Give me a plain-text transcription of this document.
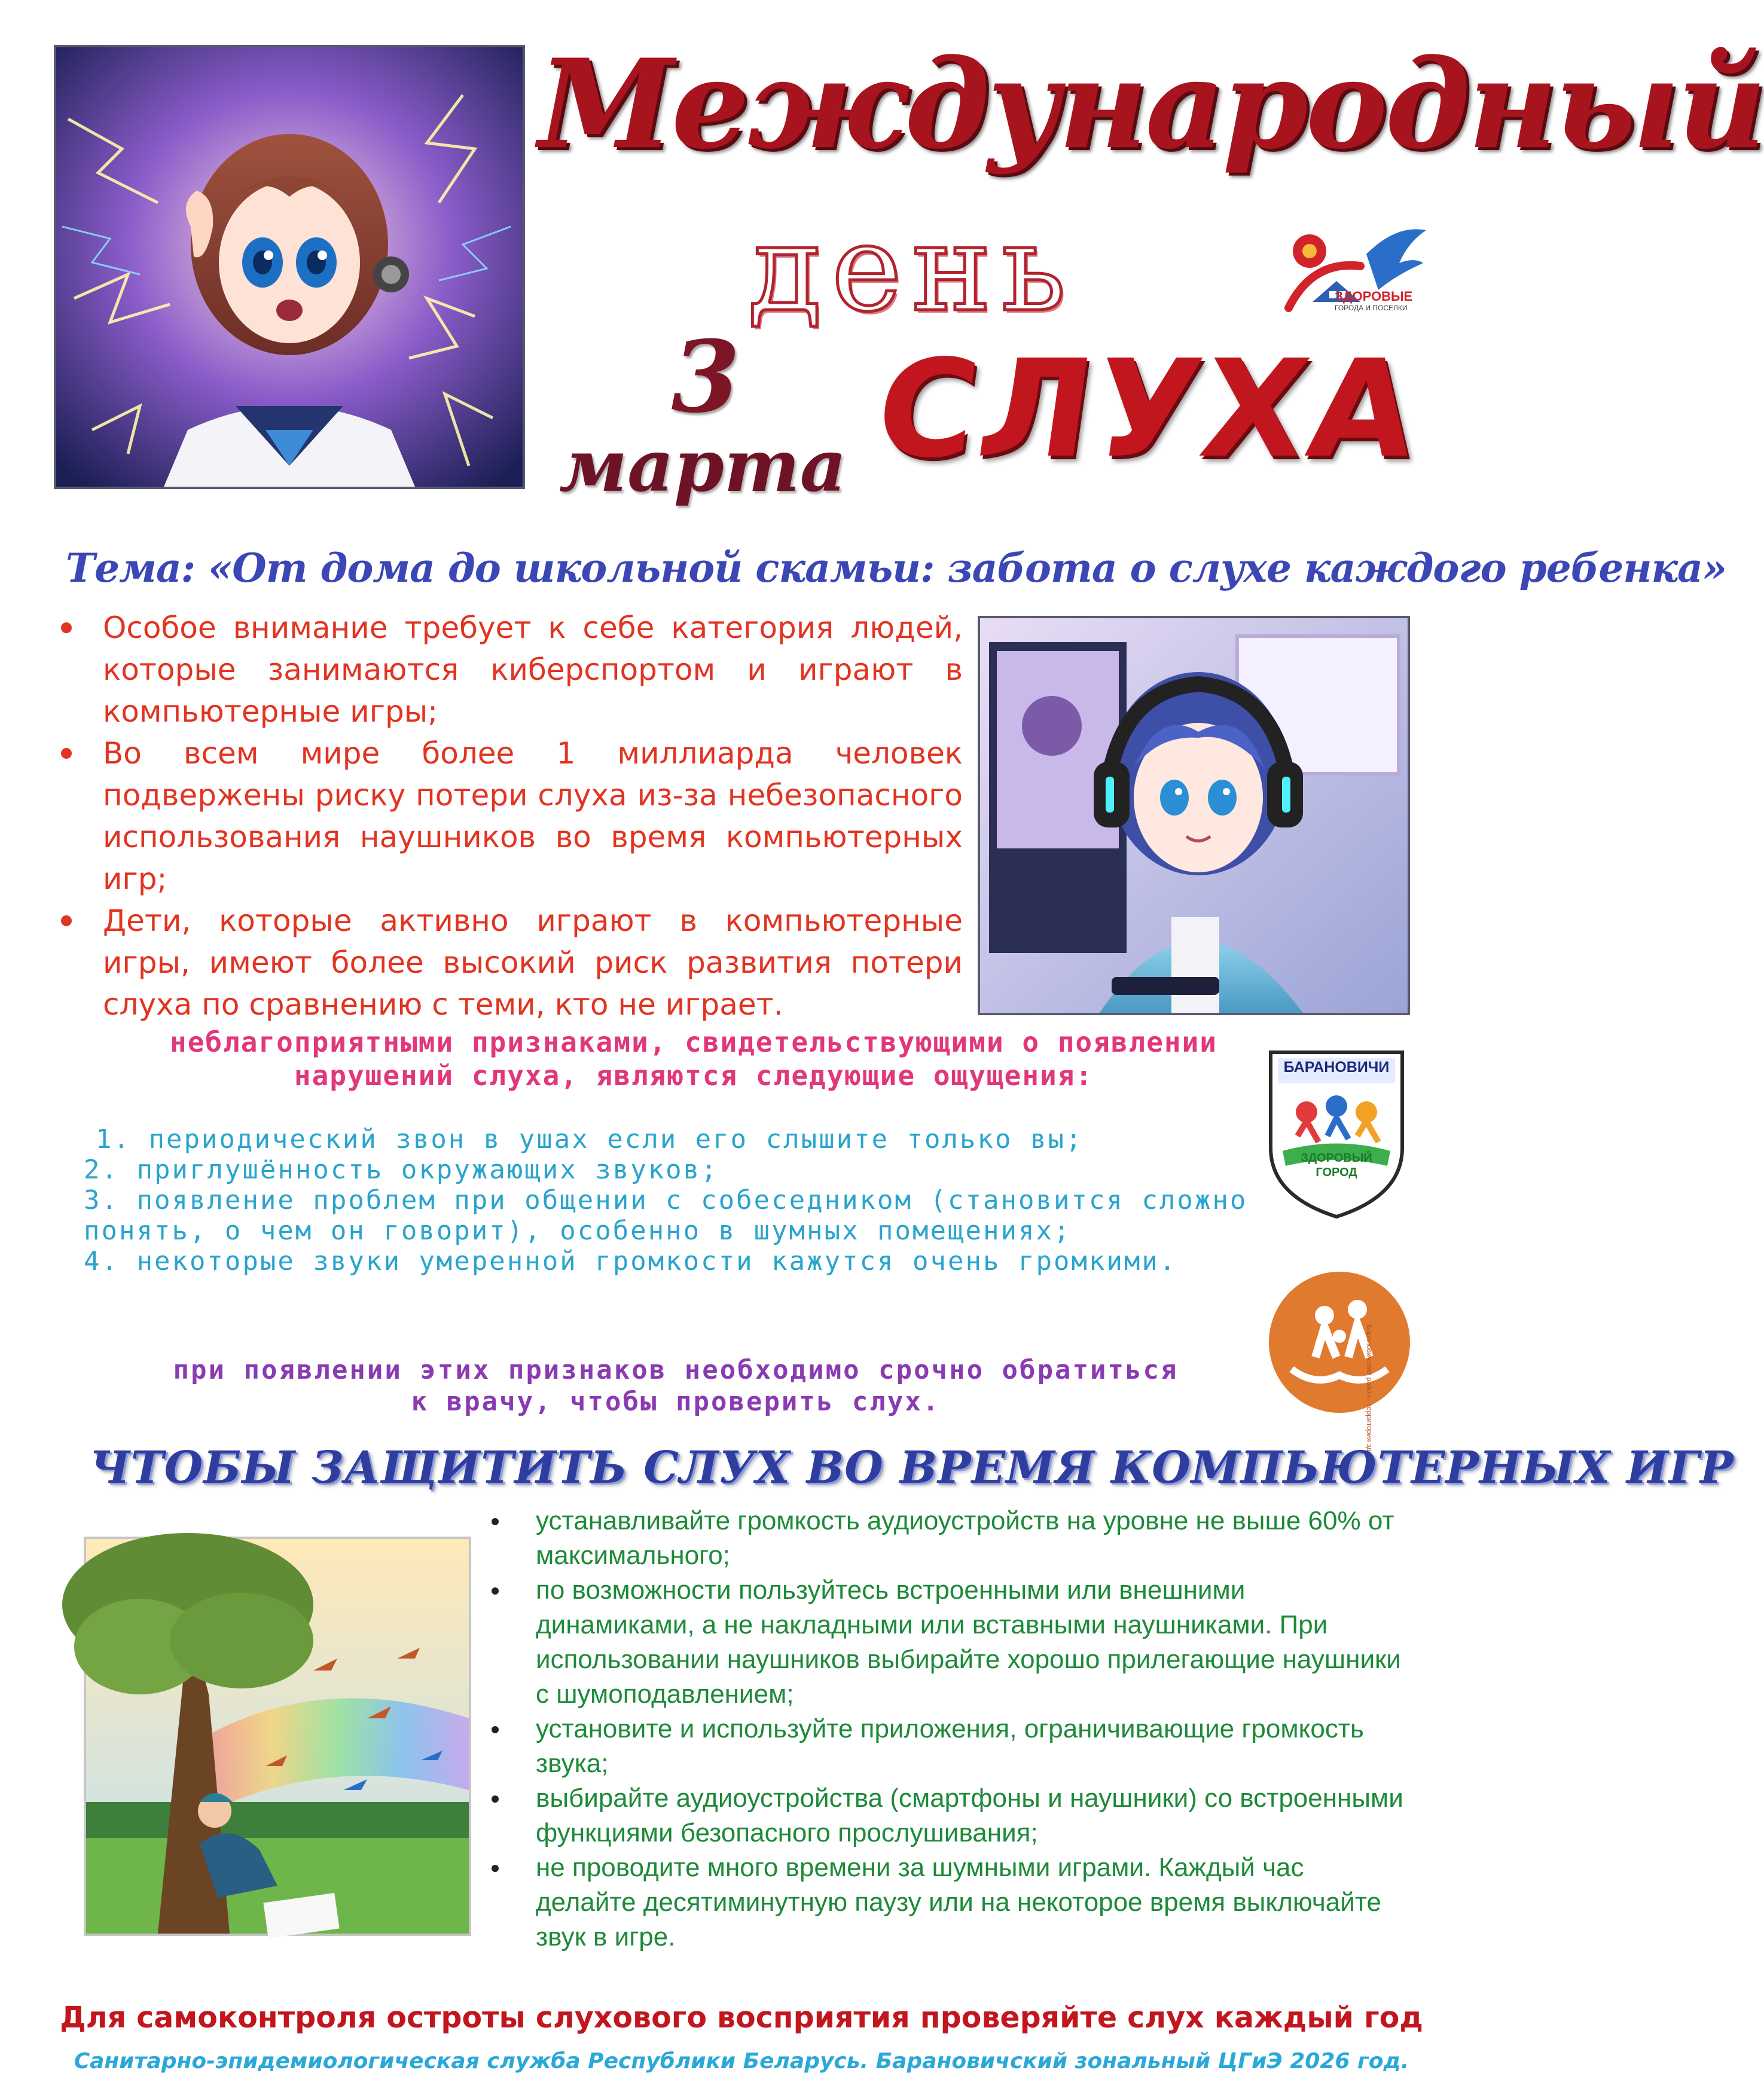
Международный
день
СЛУХА
3
марта
ЗДОРОВЫЕ
ГОРОДА И ПОСЕЛКИ
Тема: «От дома до школьной скамьи: забота о слухе каждого ребенка»
Особое внимание требует к себе категория людей, которые занимаются киберспортом и играют в компьютерные игры;
Во всем мире более 1 миллиарда человек подвержены риску потери слуха из-за небезопасного использования наушников во время компьютерных игр;
Дети, которые активно играют в компьютерные игры, имеют более высокий риск развития потери слуха по сравнению с теми, кто не играет.
неблагоприятными признаками, свидетельствующими о появлении нарушений слуха, являются следующие ощущения:
1. периодический звон в ушах если его слышите только вы;
2. приглушённость окружающих звуков;
3. появление проблем при общении с собеседником (становится сложно понять, о чем он говорит), особенно в шумных помещениях;
4. некоторые звуки умеренной громкости кажутся очень громкими.
при появлении этих признаков необходимо срочно обратиться к врачу, чтобы проверить слух.
БАРАНОВИЧИ
ЗДОРОВЫЙ ГОРОД
Барановичский район - территория здоровья
ЧТОБЫ ЗАЩИТИТЬ СЛУХ ВО ВРЕМЯ КОМПЬЮТЕРНЫХ ИГР
устанавливайте громкость аудиоустройств на уровне не выше 60% от максимального;
по возможности пользуйтесь встроенными или внешними динамиками, а не накладными или вставными наушниками. При использовании наушников выбирайте хорошо прилегающие наушники с шумоподавлением;
установите и используйте приложения, ограничивающие громкость звука;
выбирайте аудиоустройства (смартфоны и наушники) со встроенными функциями безопасного прослушивания;
не проводите много времени за шумными играми. Каждый час делайте десятиминутную паузу или на некоторое время выключайте звук в игре.
Для самоконтроля остроты слухового восприятия проверяйте слух каждый год
Санитарно-эпидемиологическая служба Республики Беларусь. Барановичский зональный ЦГиЭ 2026 год.
